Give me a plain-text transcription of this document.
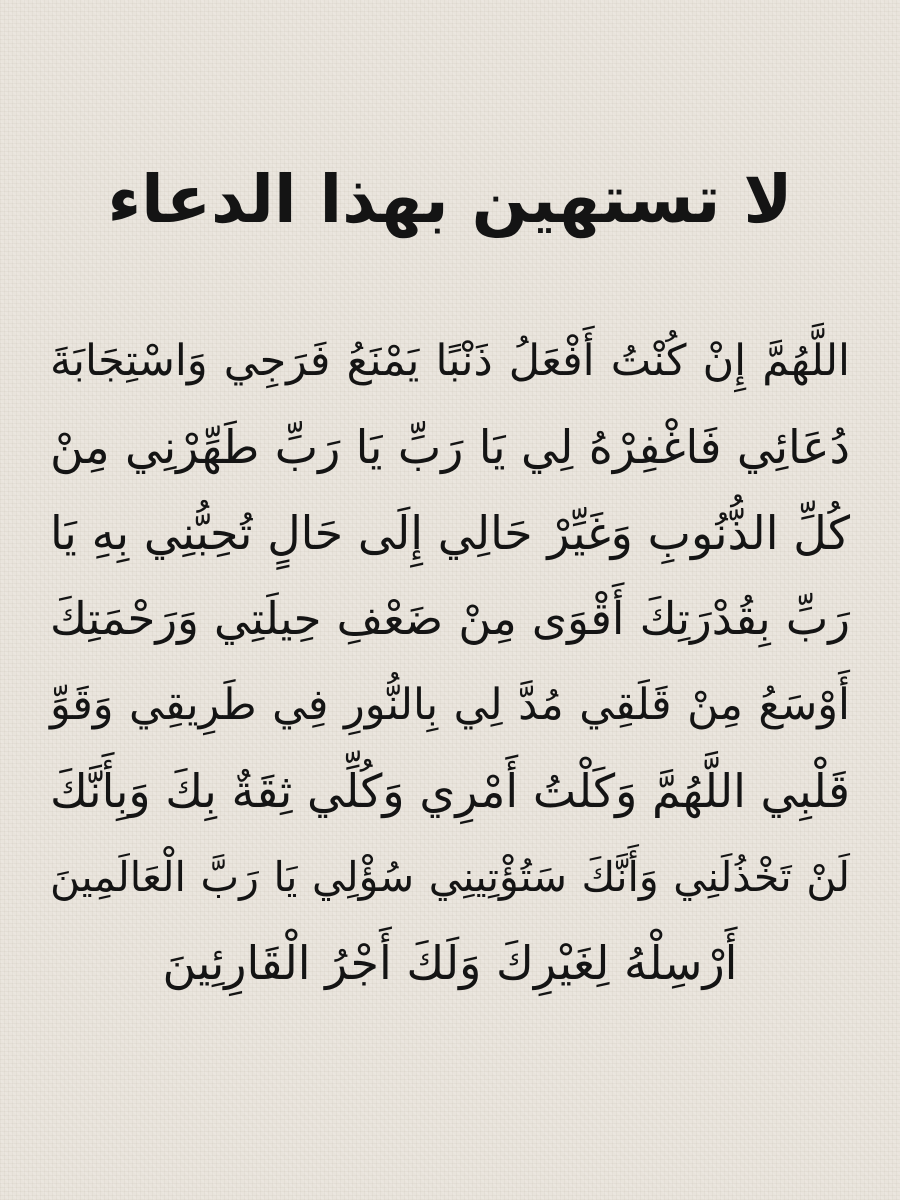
لا تستهين بهذا الدعاء
اللَّهُمَّ إِنْ كُنْتُ أَفْعَلُ ذَنْبًا يَمْنَعُ فَرَجِي وَاسْتِجَابَةَ
دُعَائِي فَاغْفِرْهُ لِي يَا رَبِّ يَا رَبِّ طَهِّرْنِي مِنْ
كُلِّ الذُّنُوبِ وَغَيِّرْ حَالِي إِلَى حَالٍ تُحِبُّنِي بِهِ يَا
رَبِّ بِقُدْرَتِكَ أَقْوَى مِنْ ضَعْفِ حِيلَتِي وَرَحْمَتِكَ
أَوْسَعُ مِنْ قَلَقِي مُدَّ لِي بِالنُّورِ فِي طَرِيقِي وَقَوِّ
قَلْبِي اللَّهُمَّ وَكَلْتُ أَمْرِي وَكُلِّي ثِقَةٌ بِكَ وَبِأَنَّكَ
لَنْ تَخْذُلَنِي وَأَنَّكَ سَتُؤْتِينِي سُؤْلِي يَا رَبَّ الْعَالَمِينَ
أَرْسِلْهُ لِغَيْرِكَ وَلَكَ أَجْرُ الْقَارِئِينَ
